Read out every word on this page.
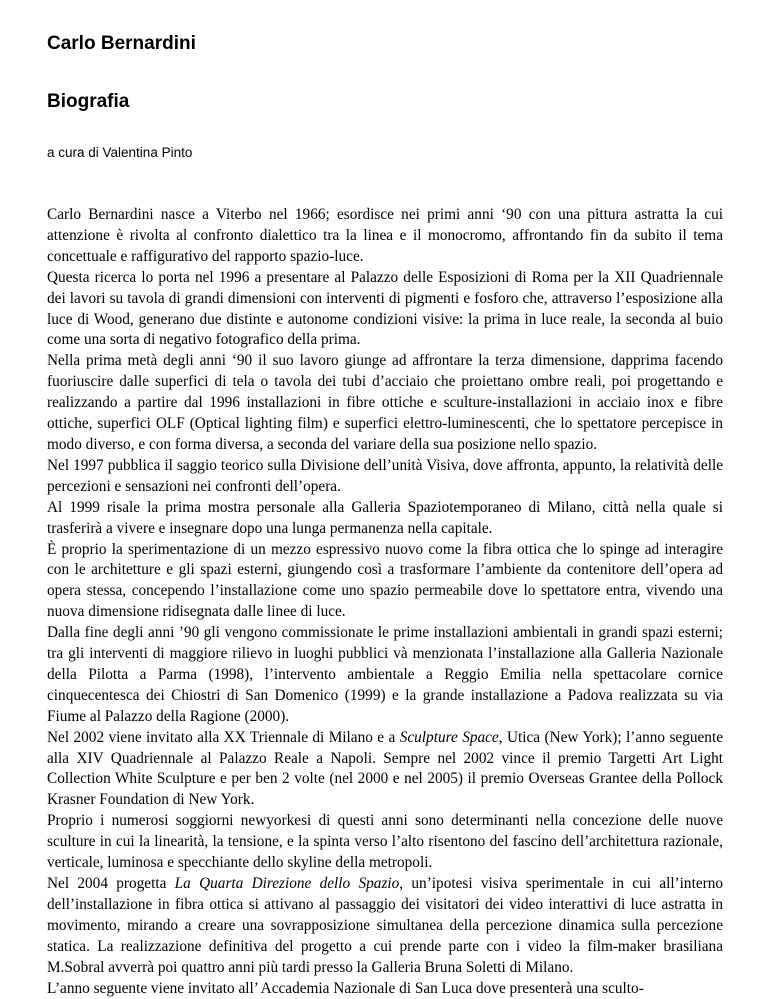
Carlo Bernardini
Biografia

a cura di Valentina Pinto

Carlo Bernardini nasce a Viterbo nel 1966; esordisce nei primi anni ‘90 con una pittura astratta la cui attenzione è rivolta al confronto dialettico tra la linea e il monocromo, affrontando fin da subito il tema concettuale e raffigurativo del rapporto spazio-luce.

Questa ricerca lo porta nel 1996 a presentare al Palazzo delle Esposizioni di Roma per la XII Quadriennale dei lavori su tavola di grandi dimensioni con interventi di pigmenti e fosforo che, attraverso l’esposizione alla luce di Wood, generano due distinte e autonome condizioni visive: la prima in luce reale, la seconda al buio come una sorta di negativo fotografico della prima.

Nella prima metà degli anni ‘90 il suo lavoro giunge ad affrontare la terza dimensione, dapprima facendo fuoriuscire dalle superfici di tela o tavola dei tubi d’acciaio che proiettano ombre reali, poi progettando e realizzando a partire dal 1996 installazioni in fibre ottiche e sculture-installazioni in acciaio inox e fibre ottiche, superfici OLF (Optical lighting film) e superfici elettro-luminescenti, che lo spettatore percepisce in modo diverso, e con forma diversa, a seconda del variare della sua posizione nello spazio.

Nel 1997 pubblica il saggio teorico sulla Divisione dell’unità Visiva, dove affronta, appunto, la relatività delle percezioni e sensazioni nei confronti dell’opera.

Al 1999 risale la prima mostra personale alla Galleria Spaziotemporaneo di Milano, città nella quale si trasferirà a vivere e insegnare dopo una lunga permanenza nella capitale.

È proprio la sperimentazione di un mezzo espressivo nuovo come la fibra ottica che lo spinge ad interagire con le architetture e gli spazi esterni, giungendo così a trasformare l’ambiente da contenitore dell’opera ad opera stessa, concependo l’installazione come uno spazio permeabile dove lo spettatore entra, vivendo una nuova dimensione ridisegnata dalle linee di luce.

Dalla fine degli anni ’90 gli vengono commissionate le prime installazioni ambientali in grandi spazi esterni; tra gli interventi di maggiore rilievo in luoghi pubblici và menzionata l’installazione alla Galleria Nazionale della Pilotta a Parma (1998), l’intervento ambientale a Reggio Emilia nella spettacolare cornice cinquecentesca dei Chiostri di San Domenico (1999) e la grande installazione a Padova realizzata su via Fiume al Palazzo della Ragione (2000).

Nel 2002 viene invitato alla XX Triennale di Milano e a Sculpture Space, Utica (New York); l’anno seguente alla XIV Quadriennale al Palazzo Reale a Napoli. Sempre nel 2002 vince il premio Targetti Art Light Collection White Sculpture e per ben 2 volte (nel 2000 e nel 2005) il premio Overseas Grantee della Pollock Krasner Foundation di New York.

Proprio i numerosi soggiorni newyorkesi di questi anni sono determinanti nella concezione delle nuove sculture in cui la linearità, la tensione, e la spinta verso l’alto risentono del fascino dell’architettura razionale, verticale, luminosa e specchiante dello skyline della metropoli.

Nel 2004 progetta La Quarta Direzione dello Spazio, un’ipotesi visiva sperimentale in cui all’interno dell’installazione in fibra ottica si attivano al passaggio dei visitatori dei video interattivi di luce astratta in movimento, mirando a creare una sovrapposizione simultanea della percezione dinamica sulla percezione statica. La realizzazione definitiva del progetto a cui prende parte con i video la film-maker brasiliana M.Sobral avverrà poi quattro anni più tardi presso la Galleria Bruna Soletti di Milano.

L’anno seguente viene invitato all’ Accademia Nazionale di San Luca dove presenterà una sculto-
